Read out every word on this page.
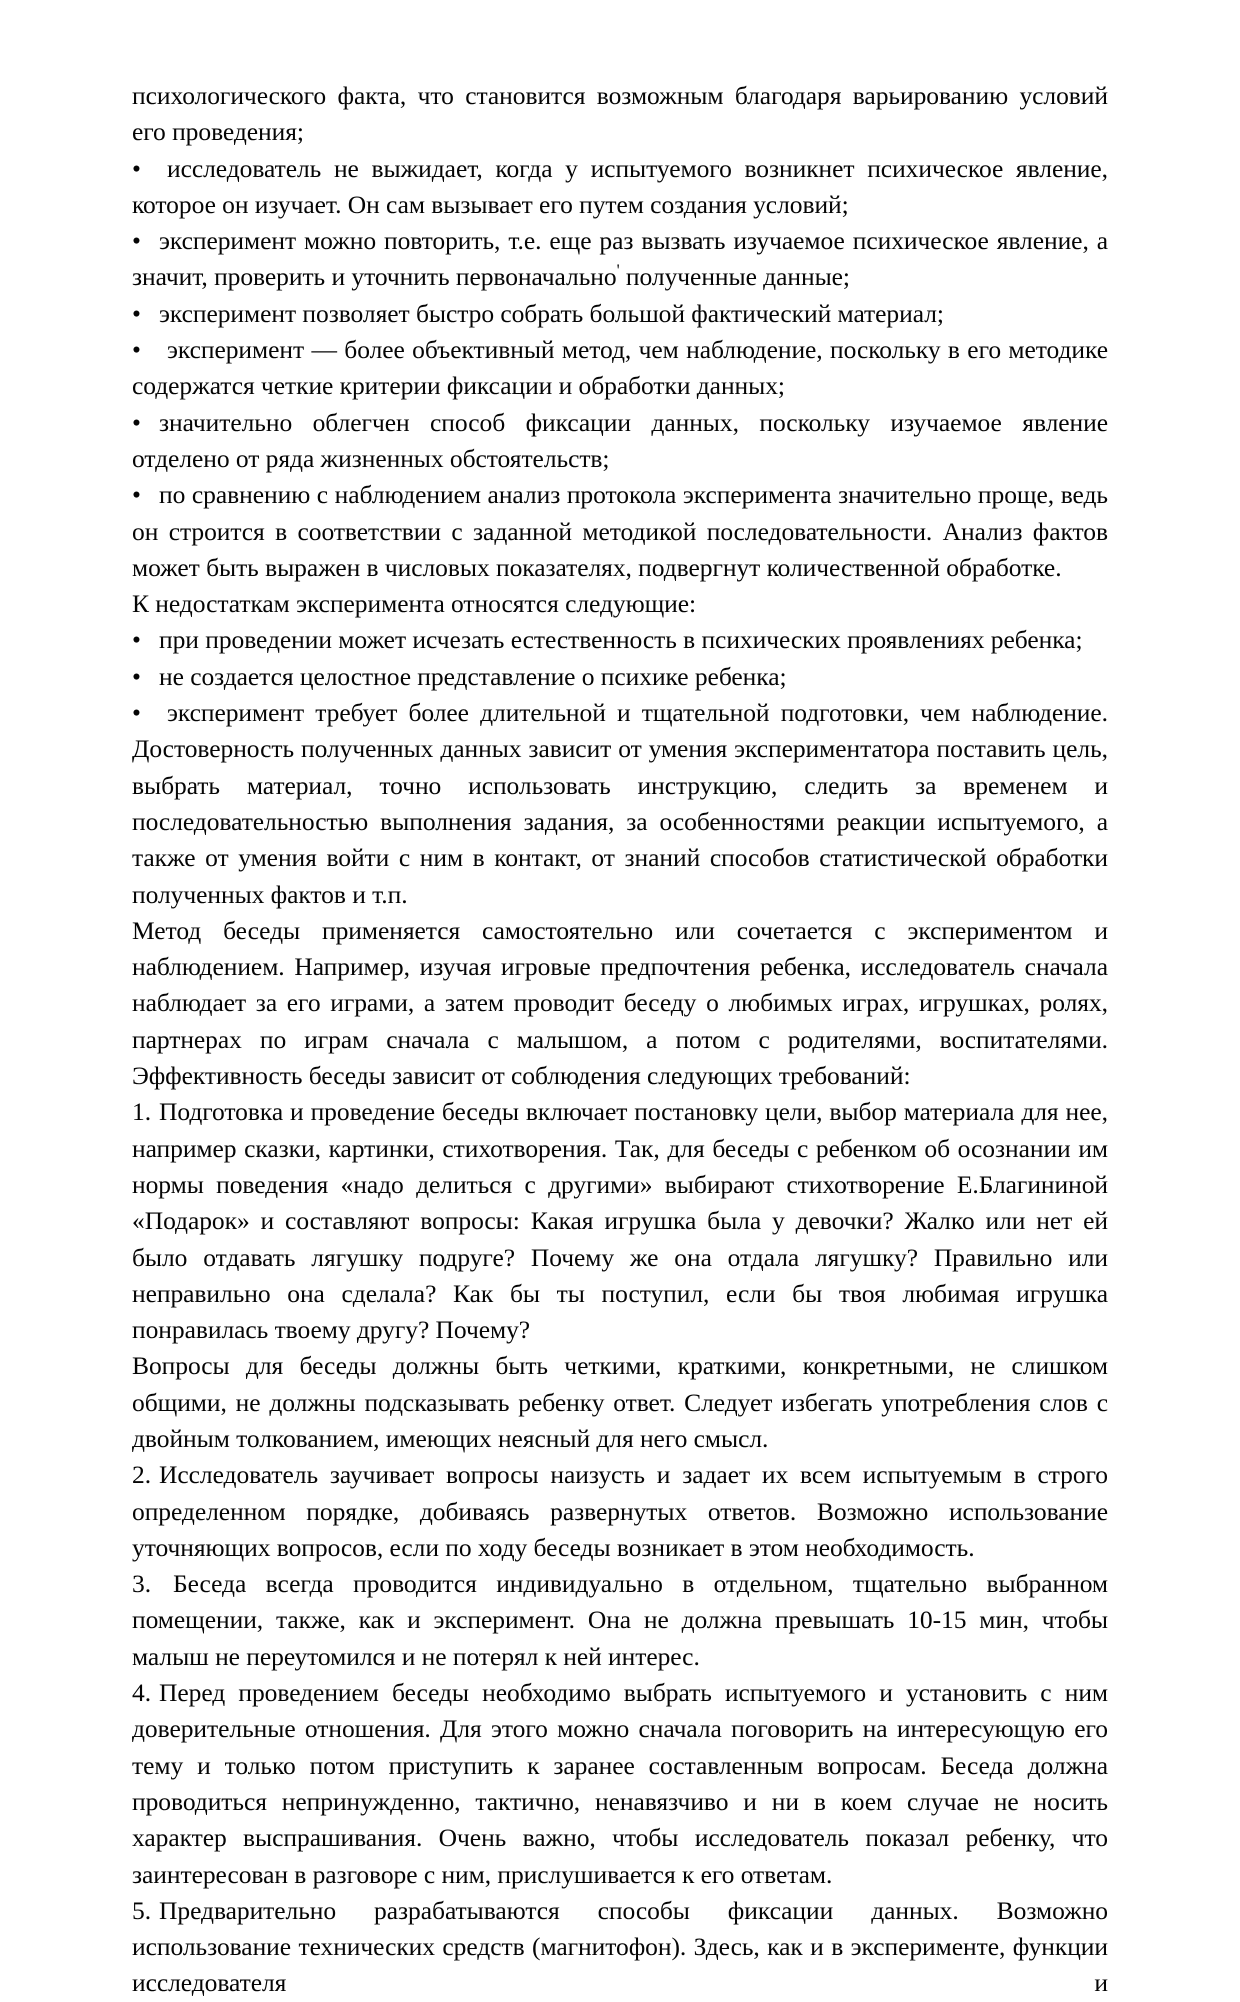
психологического факта, что становится возможным благодаря варьированию условий его проведения;

• исследователь не выжидает, когда у испытуемого возникнет психическое явление, которое он изучает. Он сам вызывает его путем создания условий;

• эксперимент можно повторить, т.е. еще раз вызвать изучаемое психическое явление, а значит, проверить и уточнить первоначально' полученные данные;

• эксперимент позволяет быстро собрать большой фактический материал;

• эксперимент — более объективный метод, чем наблюдение, поскольку в его методике содержатся четкие критерии фиксации и обработки данных;

• значительно облегчен способ фиксации данных, поскольку изучаемое явление отделено от ряда жизненных обстоятельств;

• по сравнению с наблюдением анализ протокола эксперимента значительно проще, ведь он строится в соответствии с заданной методикой последовательности. Анализ фактов может быть выражен в числовых показателях, подвергнут количественной обработке.

К недостаткам эксперимента относятся следующие:

• при проведении может исчезать естественность в психических проявлениях ребенка;

• не создается целостное представление о психике ребенка;

• эксперимент требует более длительной и тщательной подготовки, чем наблюдение.

Достоверность полученных данных зависит от умения экспериментатора поставить цель, выбрать материал, точно использовать инструкцию, следить за временем и последовательностью выполнения задания, за особенностями реакции испытуемого, а также от умения войти с ним в контакт, от знаний способов статистической обработки полученных фактов и т.п.

Метод беседы применяется самостоятельно или сочетается с экспериментом и наблюдением. Например, изучая игровые предпочтения ребенка, исследователь сначала наблюдает за его играми, а затем проводит беседу о любимых играх, игрушках, ролях, партнерах по играм сначала с малышом, а потом с родителями, воспитателями.

Эффективность беседы зависит от соблюдения следующих требований:

1. Подготовка и проведение беседы включает постановку цели, выбор материала для нее, например сказки, картинки, стихотворения. Так, для беседы с ребенком об осознании им нормы поведения «надо делиться с другими» выбирают стихотворение Е.Благининой «Подарок» и составляют вопросы: Какая игрушка была у девочки? Жалко или нет ей было отдавать лягушку подруге? Почему же она отдала лягушку? Правильно или неправильно она сделала? Как бы ты поступил, если бы твоя любимая игрушка понравилась твоему другу? Почему?

Вопросы для беседы должны быть четкими, краткими, конкретными, не слишком общими, не должны подсказывать ребенку ответ. Следует избегать употребления слов с двойным толкованием, имеющих неясный для него смысл.

2. Исследователь заучивает вопросы наизусть и задает их всем испытуемым в строго определенном порядке, добиваясь развернутых ответов. Возможно использование уточняющих вопросов, если по ходу беседы возникает в этом необходимость.

3. Беседа всегда проводится индивидуально в отдельном, тщательно выбранном помещении, также, как и эксперимент. Она не должна превышать 10-15 мин, чтобы малыш не переутомился и не потерял к ней интерес.

4. Перед проведением беседы необходимо выбрать испытуемого и установить с ним доверительные отношения. Для этого можно сначала поговорить на интересующую его тему и только потом приступить к заранее составленным вопросам. Беседа должна проводиться непринужденно, тактично, ненавязчиво и ни в коем случае не носить характер выспрашивания. Очень важно, чтобы исследователь показал ребенку, что заинтересован в разговоре с ним, прислушивается к его ответам.

5. Предварительно разрабатываются способы фиксации данных. Возможно использование технических средств (магнитофон). Здесь, как и в эксперименте, функции исследователя и
